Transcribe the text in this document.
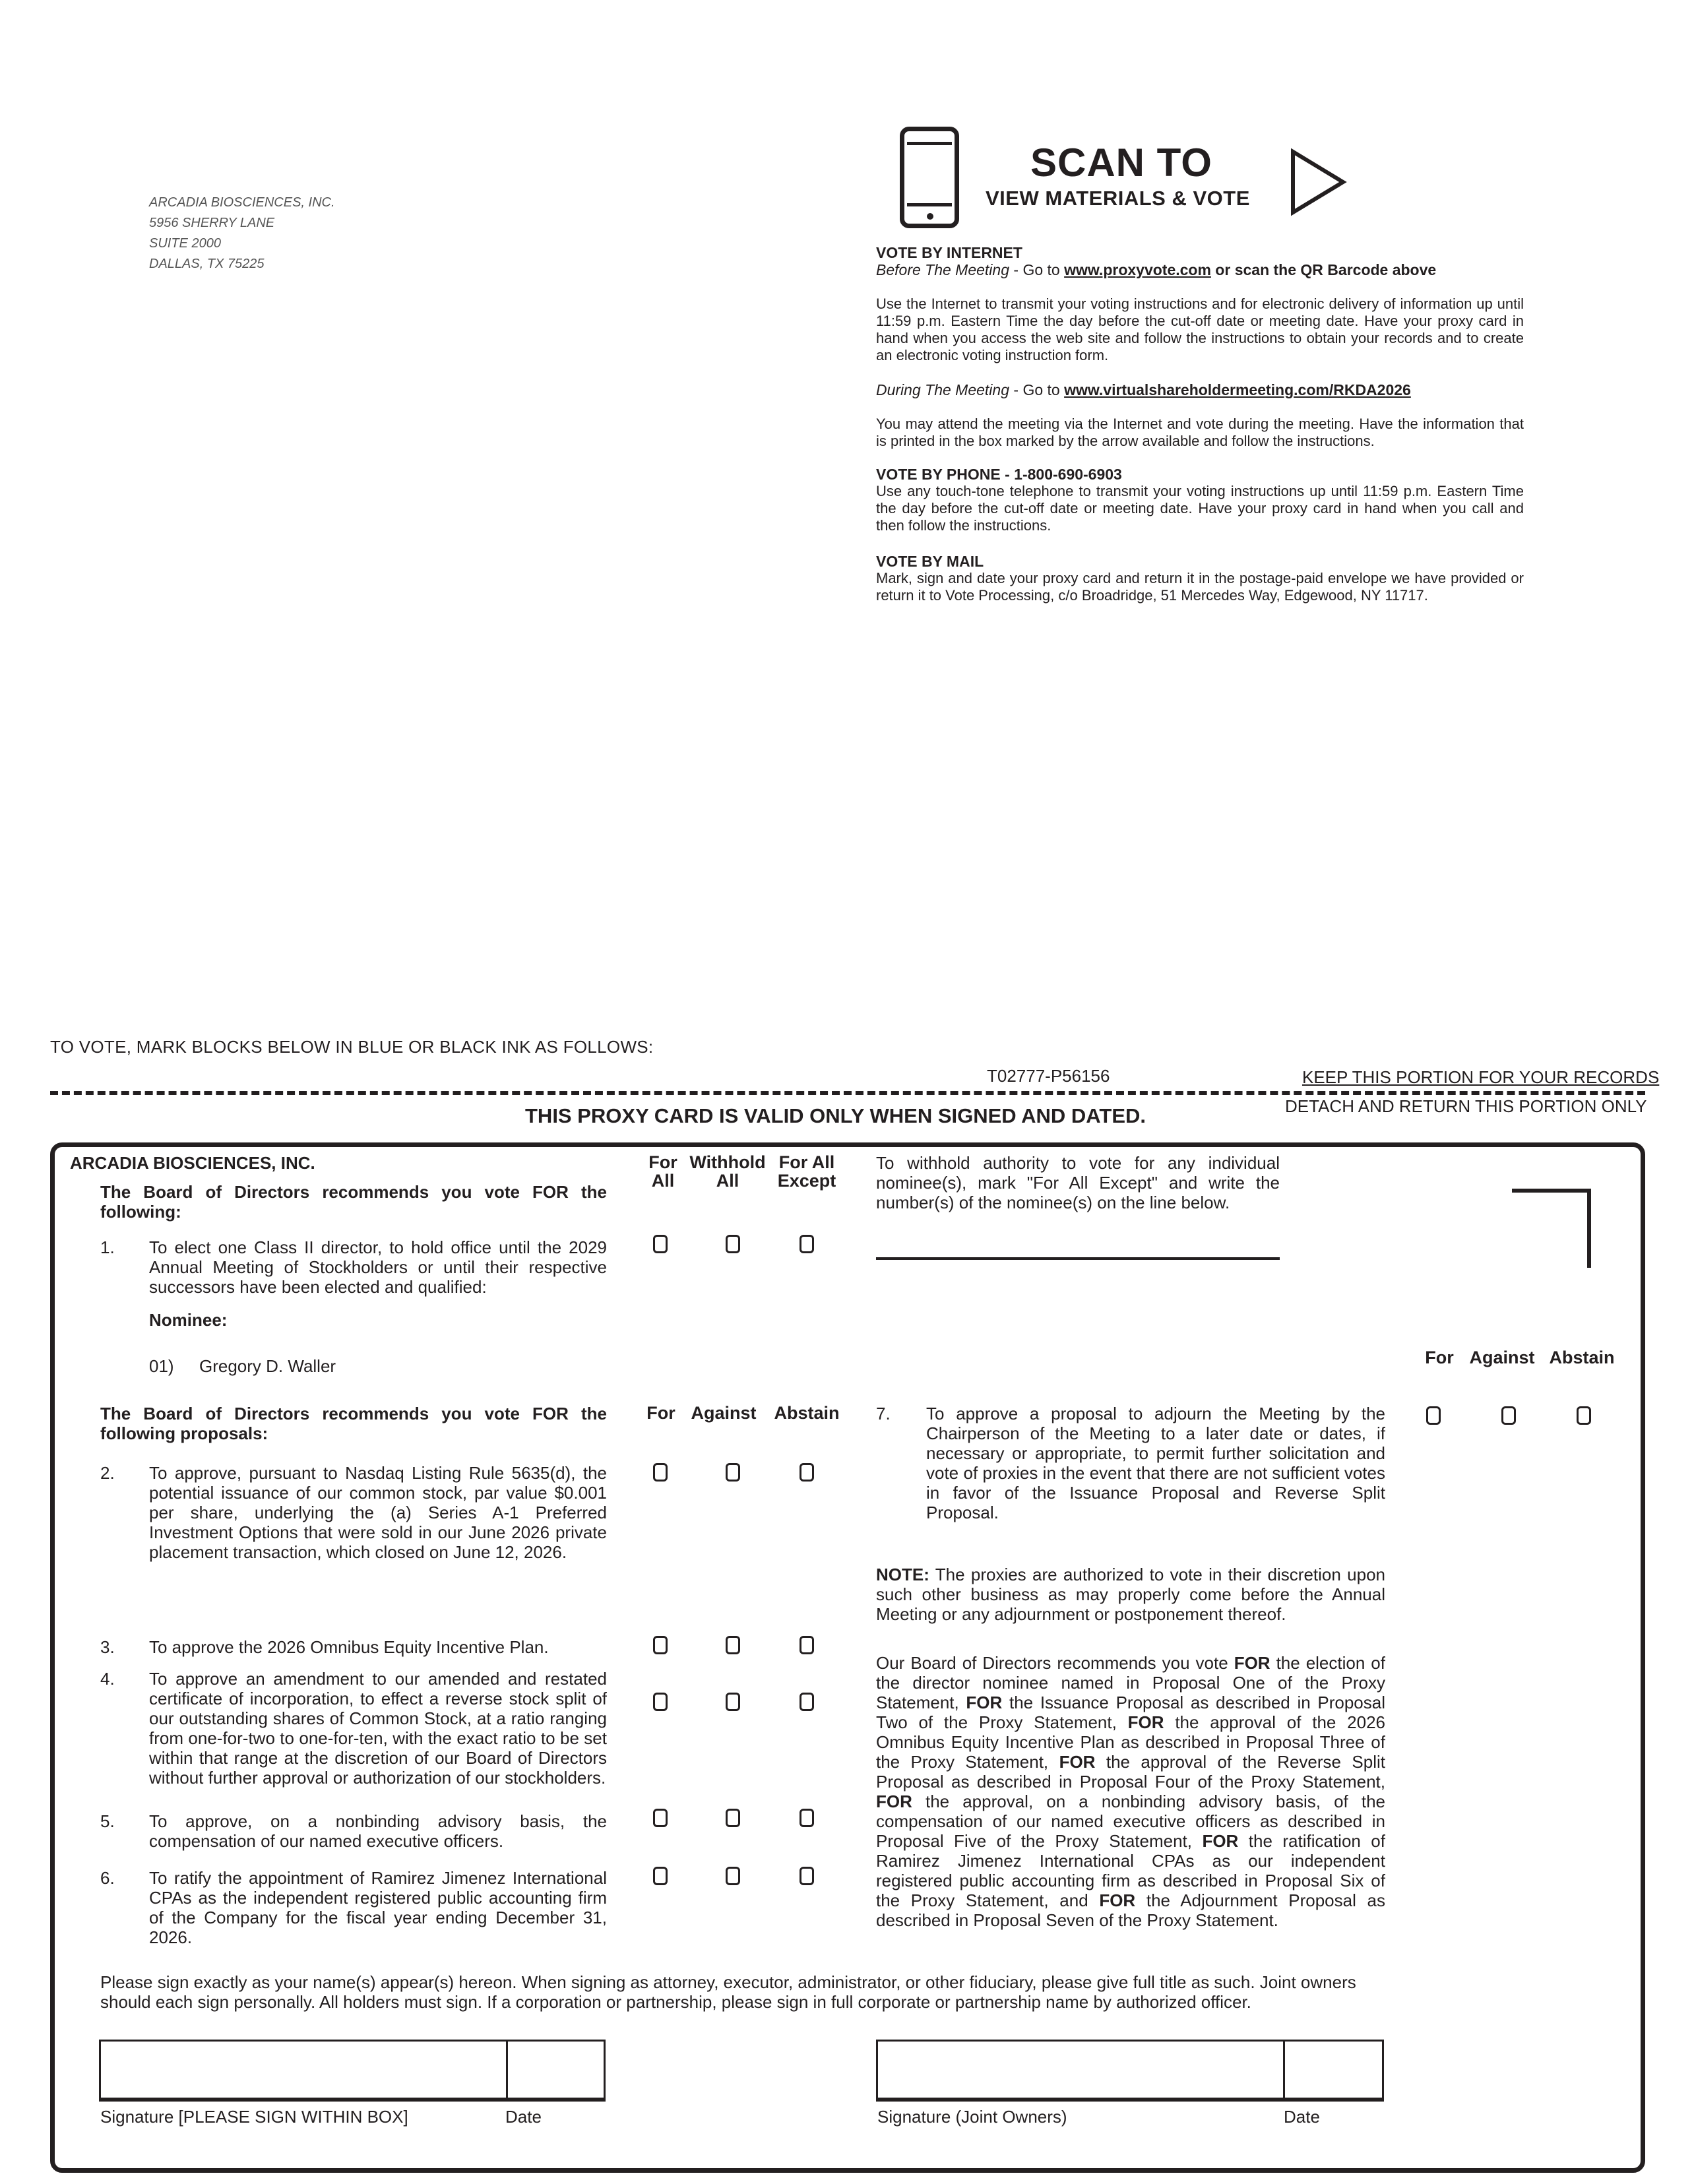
ARCADIA BIOSCIENCES, INC.
5956 SHERRY LANE
SUITE 2000
DALLAS, TX 75225
SCAN TO
VIEW MATERIALS & VOTE
VOTE BY INTERNET
Before The Meeting - Go to www.proxyvote.com or scan the QR Barcode above
Use the Internet to transmit your voting instructions and for electronic delivery of information up until 11:59 p.m. Eastern Time the day before the cut-off date or meeting date. Have your proxy card in hand when you access the web site and follow the instructions to obtain your records and to create an electronic voting instruction form.
During The Meeting - Go to www.virtualshareholdermeeting.com/RKDA2026
You may attend the meeting via the Internet and vote during the meeting. Have the information that is printed in the box marked by the arrow available and follow the instructions.
VOTE BY PHONE - 1-800-690-6903
Use any touch-tone telephone to transmit your voting instructions up until 11:59 p.m. Eastern Time the day before the cut-off date or meeting date. Have your proxy card in hand when you call and then follow the instructions.
VOTE BY MAIL
Mark, sign and date your proxy card and return it in the postage-paid envelope we have provided or return it to Vote Processing, c/o Broadridge, 51 Mercedes Way, Edgewood, NY 11717.
TO VOTE, MARK BLOCKS BELOW IN BLUE OR BLACK INK AS FOLLOWS:
T02777-P56156	KEEP THIS PORTION FOR YOUR RECORDS
DETACH AND RETURN THIS PORTION ONLY
THIS PROXY CARD IS VALID ONLY WHEN SIGNED AND DATED.
ARCADIA BIOSCIENCES, INC.
The Board of Directors recommends you vote FOR the following:
For All
Withhold All
For All Except
To withhold authority to vote for any individual nominee(s), mark "For All Except" and write the number(s) of the nominee(s) on the line below.
1. To elect one Class II director, to hold office until the 2029 Annual Meeting of Stockholders or until their respective successors have been elected and qualified:
Nominee:
01) Gregory D. Waller
The Board of Directors recommends you vote FOR the following proposals:
For Against Abstain
2. To approve, pursuant to Nasdaq Listing Rule 5635(d), the potential issuance of our common stock, par value $0.001 per share, underlying the (a) Series A-1 Preferred Investment Options that were sold in our June 2026 private placement transaction, which closed on June 12, 2026.
3. To approve the 2026 Omnibus Equity Incentive Plan.
4. To approve an amendment to our amended and restated certificate of incorporation, to effect a reverse stock split of our outstanding shares of Common Stock, at a ratio ranging from one-for-two to one-for-ten, with the exact ratio to be set within that range at the discretion of our Board of Directors without further approval or authorization of our stockholders.
5. To approve, on a nonbinding advisory basis, the compensation of our named executive officers.
6. To ratify the appointment of Ramirez Jimenez International CPAs as the independent registered public accounting firm of the Company for the fiscal year ending December 31, 2026.
For Against Abstain
7. To approve a proposal to adjourn the Meeting by the Chairperson of the Meeting to a later date or dates, if necessary or appropriate, to permit further solicitation and vote of proxies in the event that there are not sufficient votes in favor of the Issuance Proposal and Reverse Split Proposal.
NOTE: The proxies are authorized to vote in their discretion upon such other business as may properly come before the Annual Meeting or any adjournment or postponement thereof.
Our Board of Directors recommends you vote FOR the election of the director nominee named in Proposal One of the Proxy Statement, FOR the Issuance Proposal as described in Proposal Two of the Proxy Statement, FOR the approval of the 2026 Omnibus Equity Incentive Plan as described in Proposal Three of the Proxy Statement, FOR the approval of the Reverse Split Proposal as described in Proposal Four of the Proxy Statement, FOR the approval, on a nonbinding advisory basis, of the compensation of our named executive officers as described in Proposal Five of the Proxy Statement, FOR the ratification of Ramirez Jimenez International CPAs as our independent registered public accounting firm as described in Proposal Six of the Proxy Statement, and FOR the Adjournment Proposal as described in Proposal Seven of the Proxy Statement.
Please sign exactly as your name(s) appear(s) hereon. When signing as attorney, executor, administrator, or other fiduciary, please give full title as such. Joint owners should each sign personally. All holders must sign. If a corporation or partnership, please sign in full corporate or partnership name by authorized officer.
Signature [PLEASE SIGN WITHIN BOX]	Date	Signature (Joint Owners)	Date
